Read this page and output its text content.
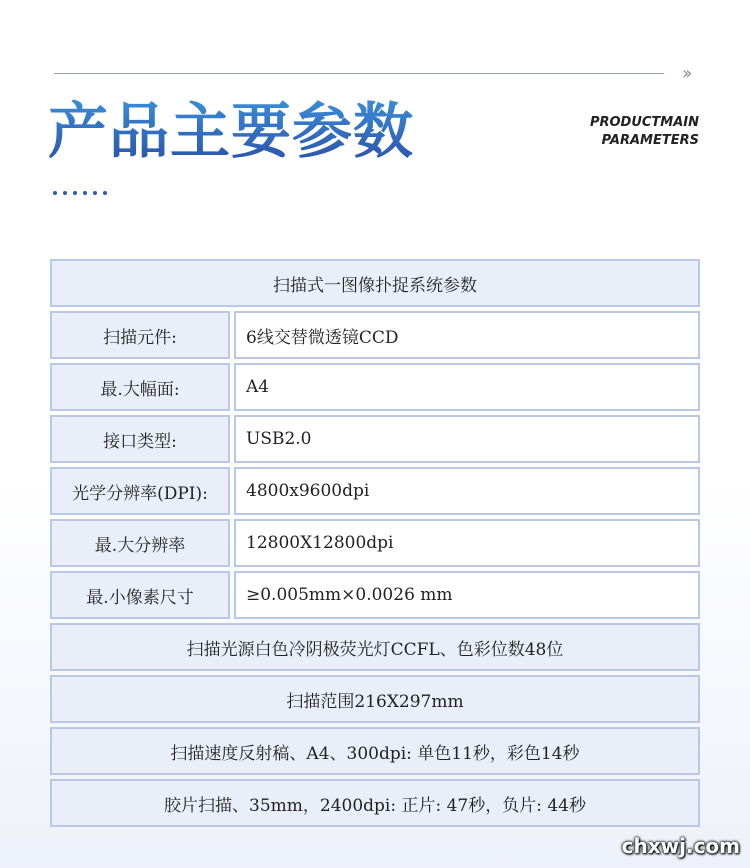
››
产品主要参数	PRODUCTMAIN
PARAMETERS
扫描式一图像扑捉系统参数
扫描元件:	6线交替微透镜CCD
最.大幅面:	A4
接口类型:	USB2.0
光学分辨率(DPI):	4800x9600dpi
最.大分辨率	12800X12800dpi
最.小像素尺寸	≥0.005mm×0.0026 mm
扫描光源白色冷阴极荧光灯CCFL、色彩位数48位
扫描范围216X297mm
扫描速度反射稿、A4、300dpi: 单色11秒，彩色14秒
胶片扫描、35mm，2400dpi: 正片: 47秒，负片: 44秒
chxwj.com
